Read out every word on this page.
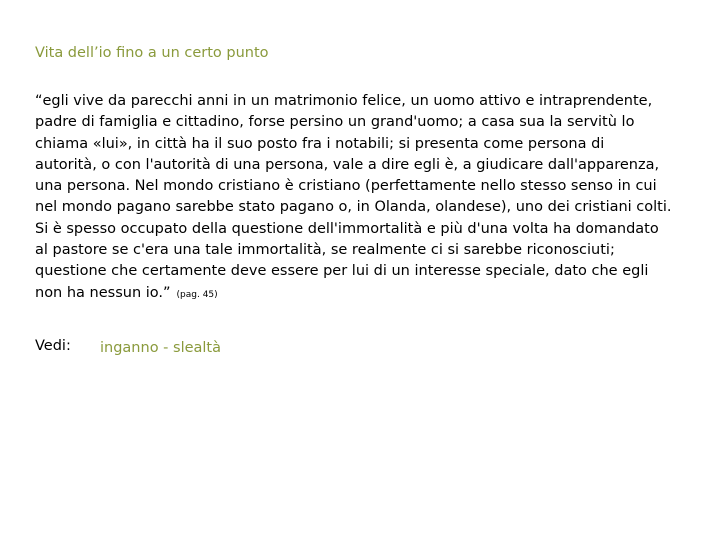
Vita dell’io fino a un certo punto
“egli vive da parecchi anni in un matrimonio felice, un uomo attivo e intraprendente,
padre di famiglia e cittadino, forse persino un grand'uomo; a casa sua la servitù lo
chiama «lui», in città ha il suo posto fra i notabili; si presenta come persona di
autorità, o con l'autorità di una persona, vale a dire egli è, a giudicare dall'apparenza,
una persona. Nel mondo cristiano è cristiano (perfettamente nello stesso senso in cui
nel mondo pagano sarebbe stato pagano o, in Olanda, olandese), uno dei cristiani colti.
Si è spesso occupato della questione dell'immortalità e più d'una volta ha domandato
al pastore se c'era una tale immortalità, se realmente ci si sarebbe riconosciuti;
questione che certamente deve essere per lui di un interesse speciale, dato che egli
non ha nessun io.” (pag. 45)
Vedi: inganno - slealtà
